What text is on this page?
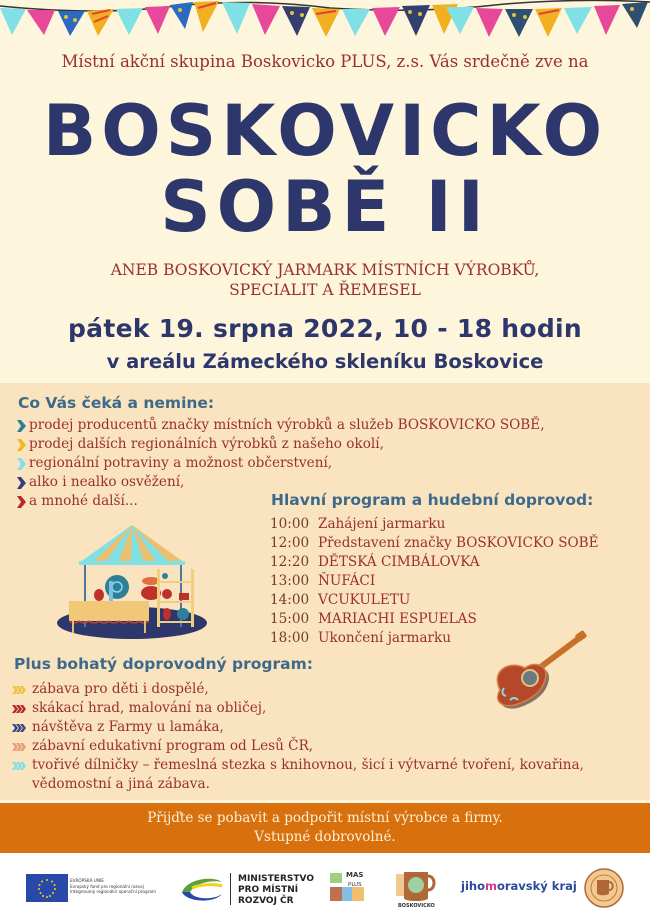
Místní akční skupina Boskovicko PLUS, z.s. Vás srdečně zve na
BOSKOVICKO
SOBĚ II
ANEB BOSKOVICKÝ JARMARK MÍSTNÍCH VÝROBKŮ,
SPECIALIT A ŘEMESEL
pátek 19. srpna 2022, 10 - 18 hodin
v areálu Zámeckého skleníku Boskovice
Co Vás čeká a nemine:
prodej producentů značky místních výrobků a služeb BOSKOVICKO SOBĚ,
prodej dalších regionálních výrobků z našeho okolí,
regionální potraviny a možnost občerstvení,
alko i nealko osvěžení,
a mnohé další...	Hlavní program a hudební doprovod:
10:00 Zahájení jarmarku
12:00 Představení značky BOSKOVICKO SOBĚ
12:20 DĚTSKÁ CIMBÁLOVKA
13:00 ŇUFÁCI
14:00 VCUKULETU
15:00 MARIACHI ESPUELAS
18:00 Ukončení jarmarku
Plus bohatý doprovodný program:
zábava pro děti i dospělé,
skákací hrad, malování na obličej,
návštěva z Farmy u lamáka,
zábavní edukativní program od Lesů ČR,
tvořivé dílničky – řemeslná stezka s knihovnou, šicí i výtvarné tvoření, kovařina,
vědomostní a jiná zábava.
Přijďte se pobavit a podpořit místní výrobce a firmy.
Vstupné dobrovolné.
EVROPSKÁ UNIE
Evropský fond pro regionální rozvoj
Integrovaný regionální operační program
MINISTERSTVO
PRO MÍSTNÍ
ROZVOJ ČR
MAS
PLUS
BOSKOVICKO
jihomoravský kraj
